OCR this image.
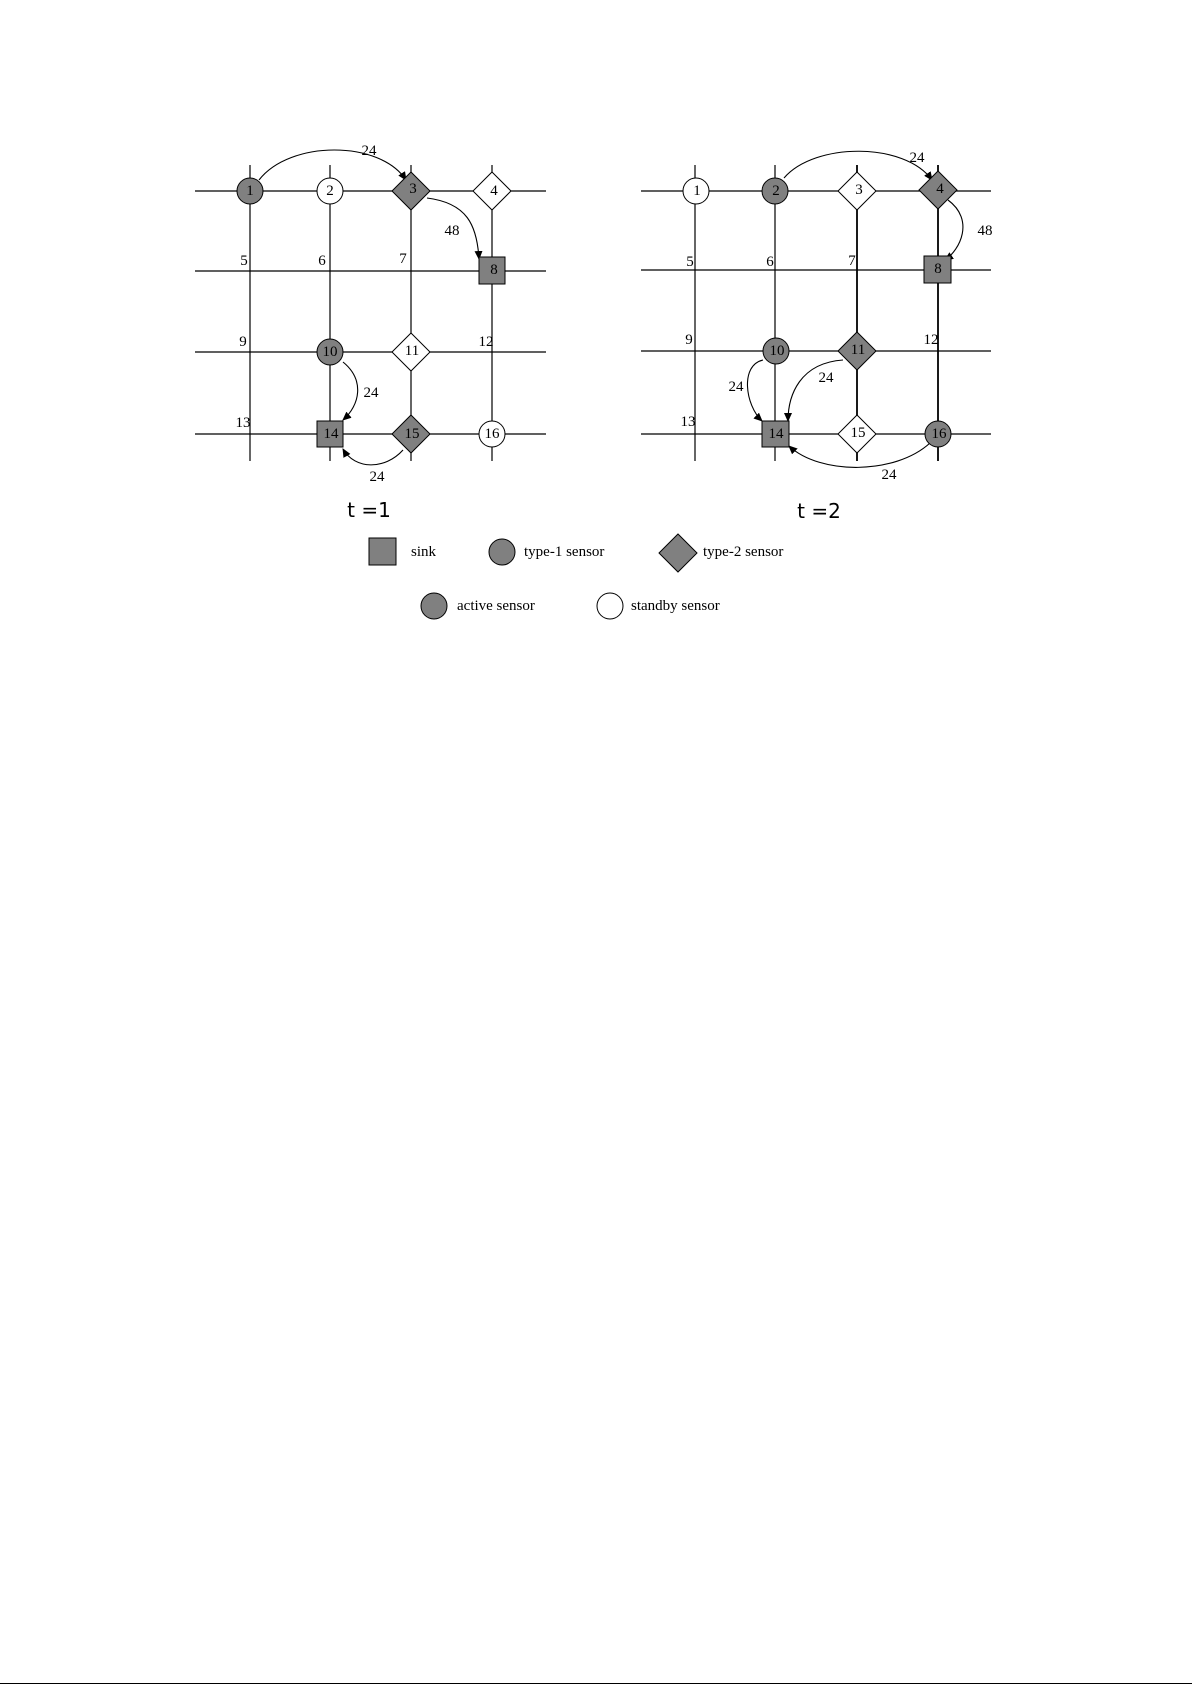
5	6	7
9	12
13
24
48
24
24
1	2	3	4
8
10	11
14	15	16
t =1
5	6	7
9	12
13
24
48
24
24
24
1	2	3	4
8
10	11
14	15	16
t =2
sink	type-1 sensor	type-2 sensor
active sensor	standby sensor
